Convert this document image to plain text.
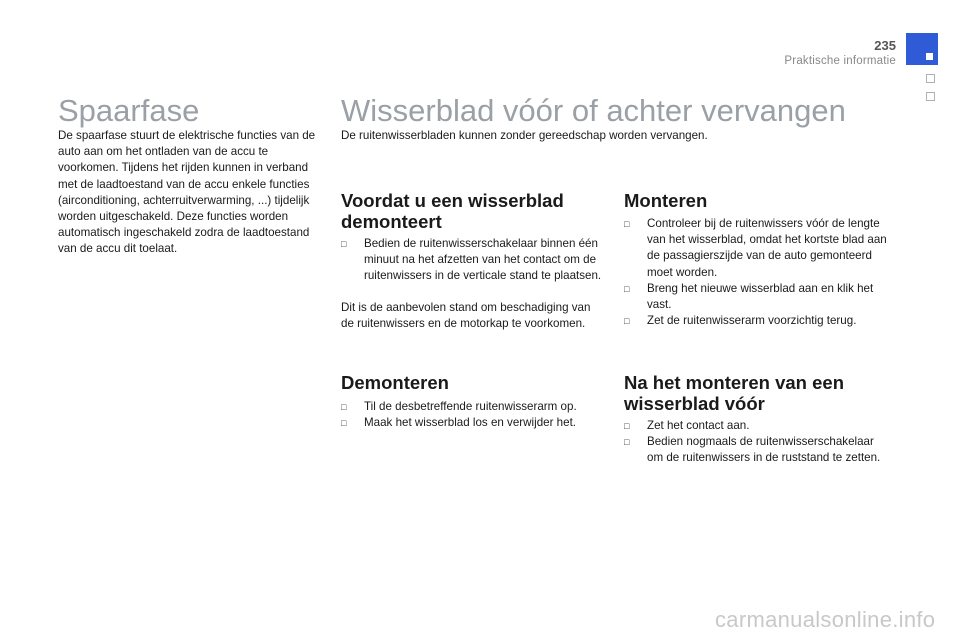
235
Praktische informatie
Spaarfase

De spaarfase stuurt de elektrische functies van de auto aan om het ontladen van de accu te voorkomen. Tijdens het rijden kunnen in verband met de laadtoestand van de accu enkele functies (airconditioning, achterruitverwarming, ...) tijdelijk worden uitgeschakeld. Deze functies worden automatisch ingeschakeld zodra de laadtoestand van de accu dit toelaat.

Wisserblad vóór of achter vervangen

De ruitenwisserbladen kunnen zonder gereedschap worden vervangen.

Voordat u een wisserblad demonteert
□	Bedien de ruitenwisserschakelaar binnen één minuut na het afzetten van het contact om de ruitenwissers in de verticale stand te plaatsen.

Dit is de aanbevolen stand om beschadiging van de ruitenwissers en de motorkap te voorkomen.

Demonteren
□	Til de desbetreffende ruitenwisserarm op.
□	Maak het wisserblad los en verwijder het.
Monteren
□	Controleer bij de ruitenwissers vóór de lengte van het wisserblad, omdat het kortste blad aan de passagierszijde van de auto gemonteerd moet worden.
□	Breng het nieuwe wisserblad aan en klik het vast.
□	Zet de ruitenwisserarm voorzichtig terug.
Na het monteren van een wisserblad vóór
□	Zet het contact aan.
□	Bedien nogmaals de ruitenwisserschakelaar om de ruitenwissers in de ruststand te zetten.
carmanualsonline.info
